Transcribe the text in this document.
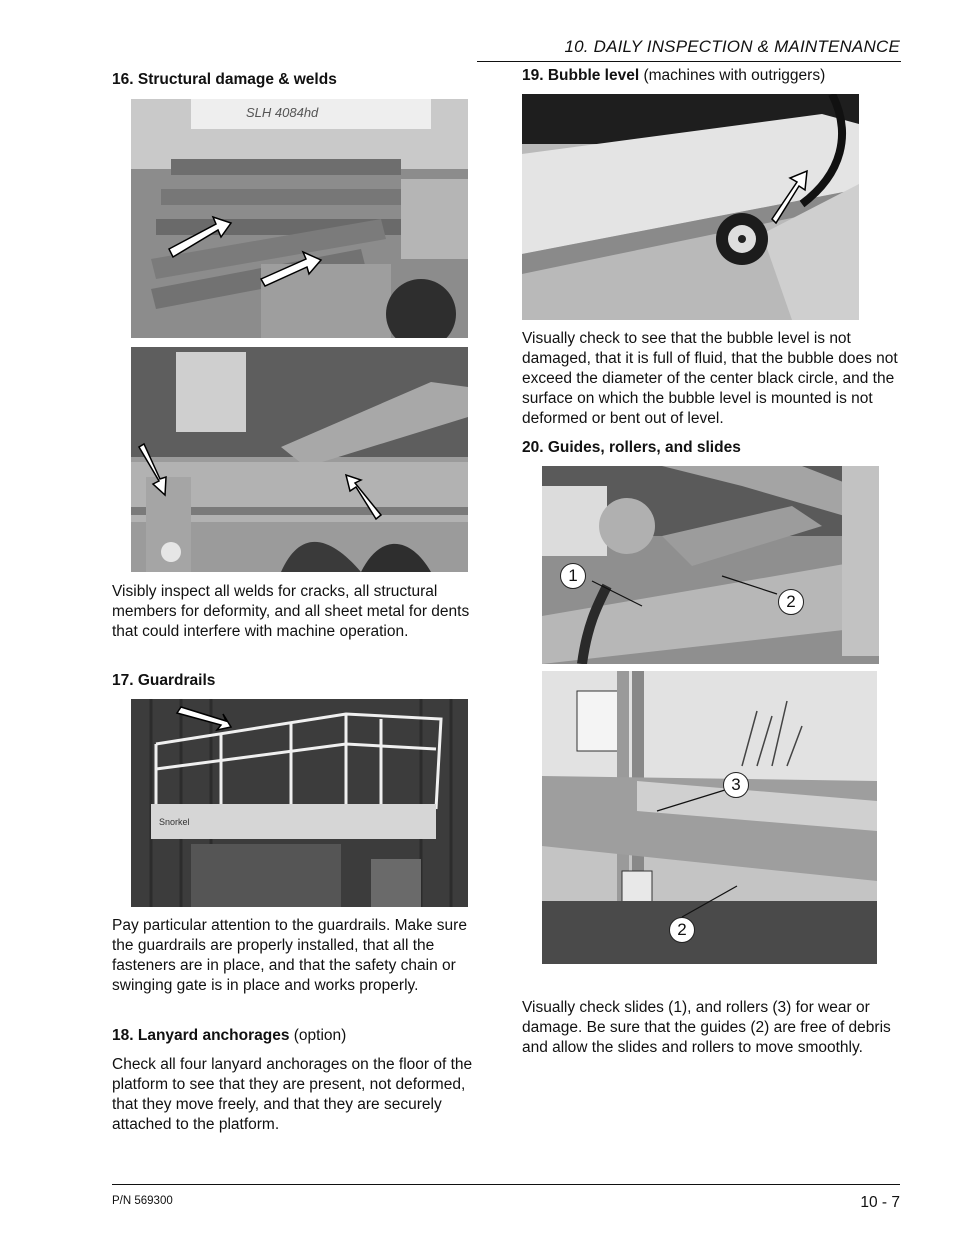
10. DAILY INSPECTION & MAINTENANCE
16. Structural damage & welds
SLH 4084hd
Visibly inspect all welds for cracks, all structural members for deformity, and all sheet metal for dents that could interfere with machine operation.
17. Guardrails
Snorkel
Pay particular attention to the guardrails. Make sure the guardrails are properly installed, that all the fasteners are in place, and that the safety chain or swinging gate is in place and works properly.
18. Lanyard anchorages (option)
Check all four lanyard anchorages on the floor of the platform to see that they are present, not deformed, that they move freely, and that they are securely attached to the platform.
19. Bubble level (machines with outriggers)
Visually check to see that the bubble level is not damaged, that it is full of fluid, that the bubble does not exceed the diameter of the center black circle, and the surface on which the bubble level is mounted is not deformed or bent out of level.
20. Guides, rollers, and slides
1
2
3
2
Visually check slides (1), and rollers (3) for wear or damage. Be sure that the guides (2) are free of debris and allow the slides and rollers to move smoothly.
P/N 569300	10 - 7
